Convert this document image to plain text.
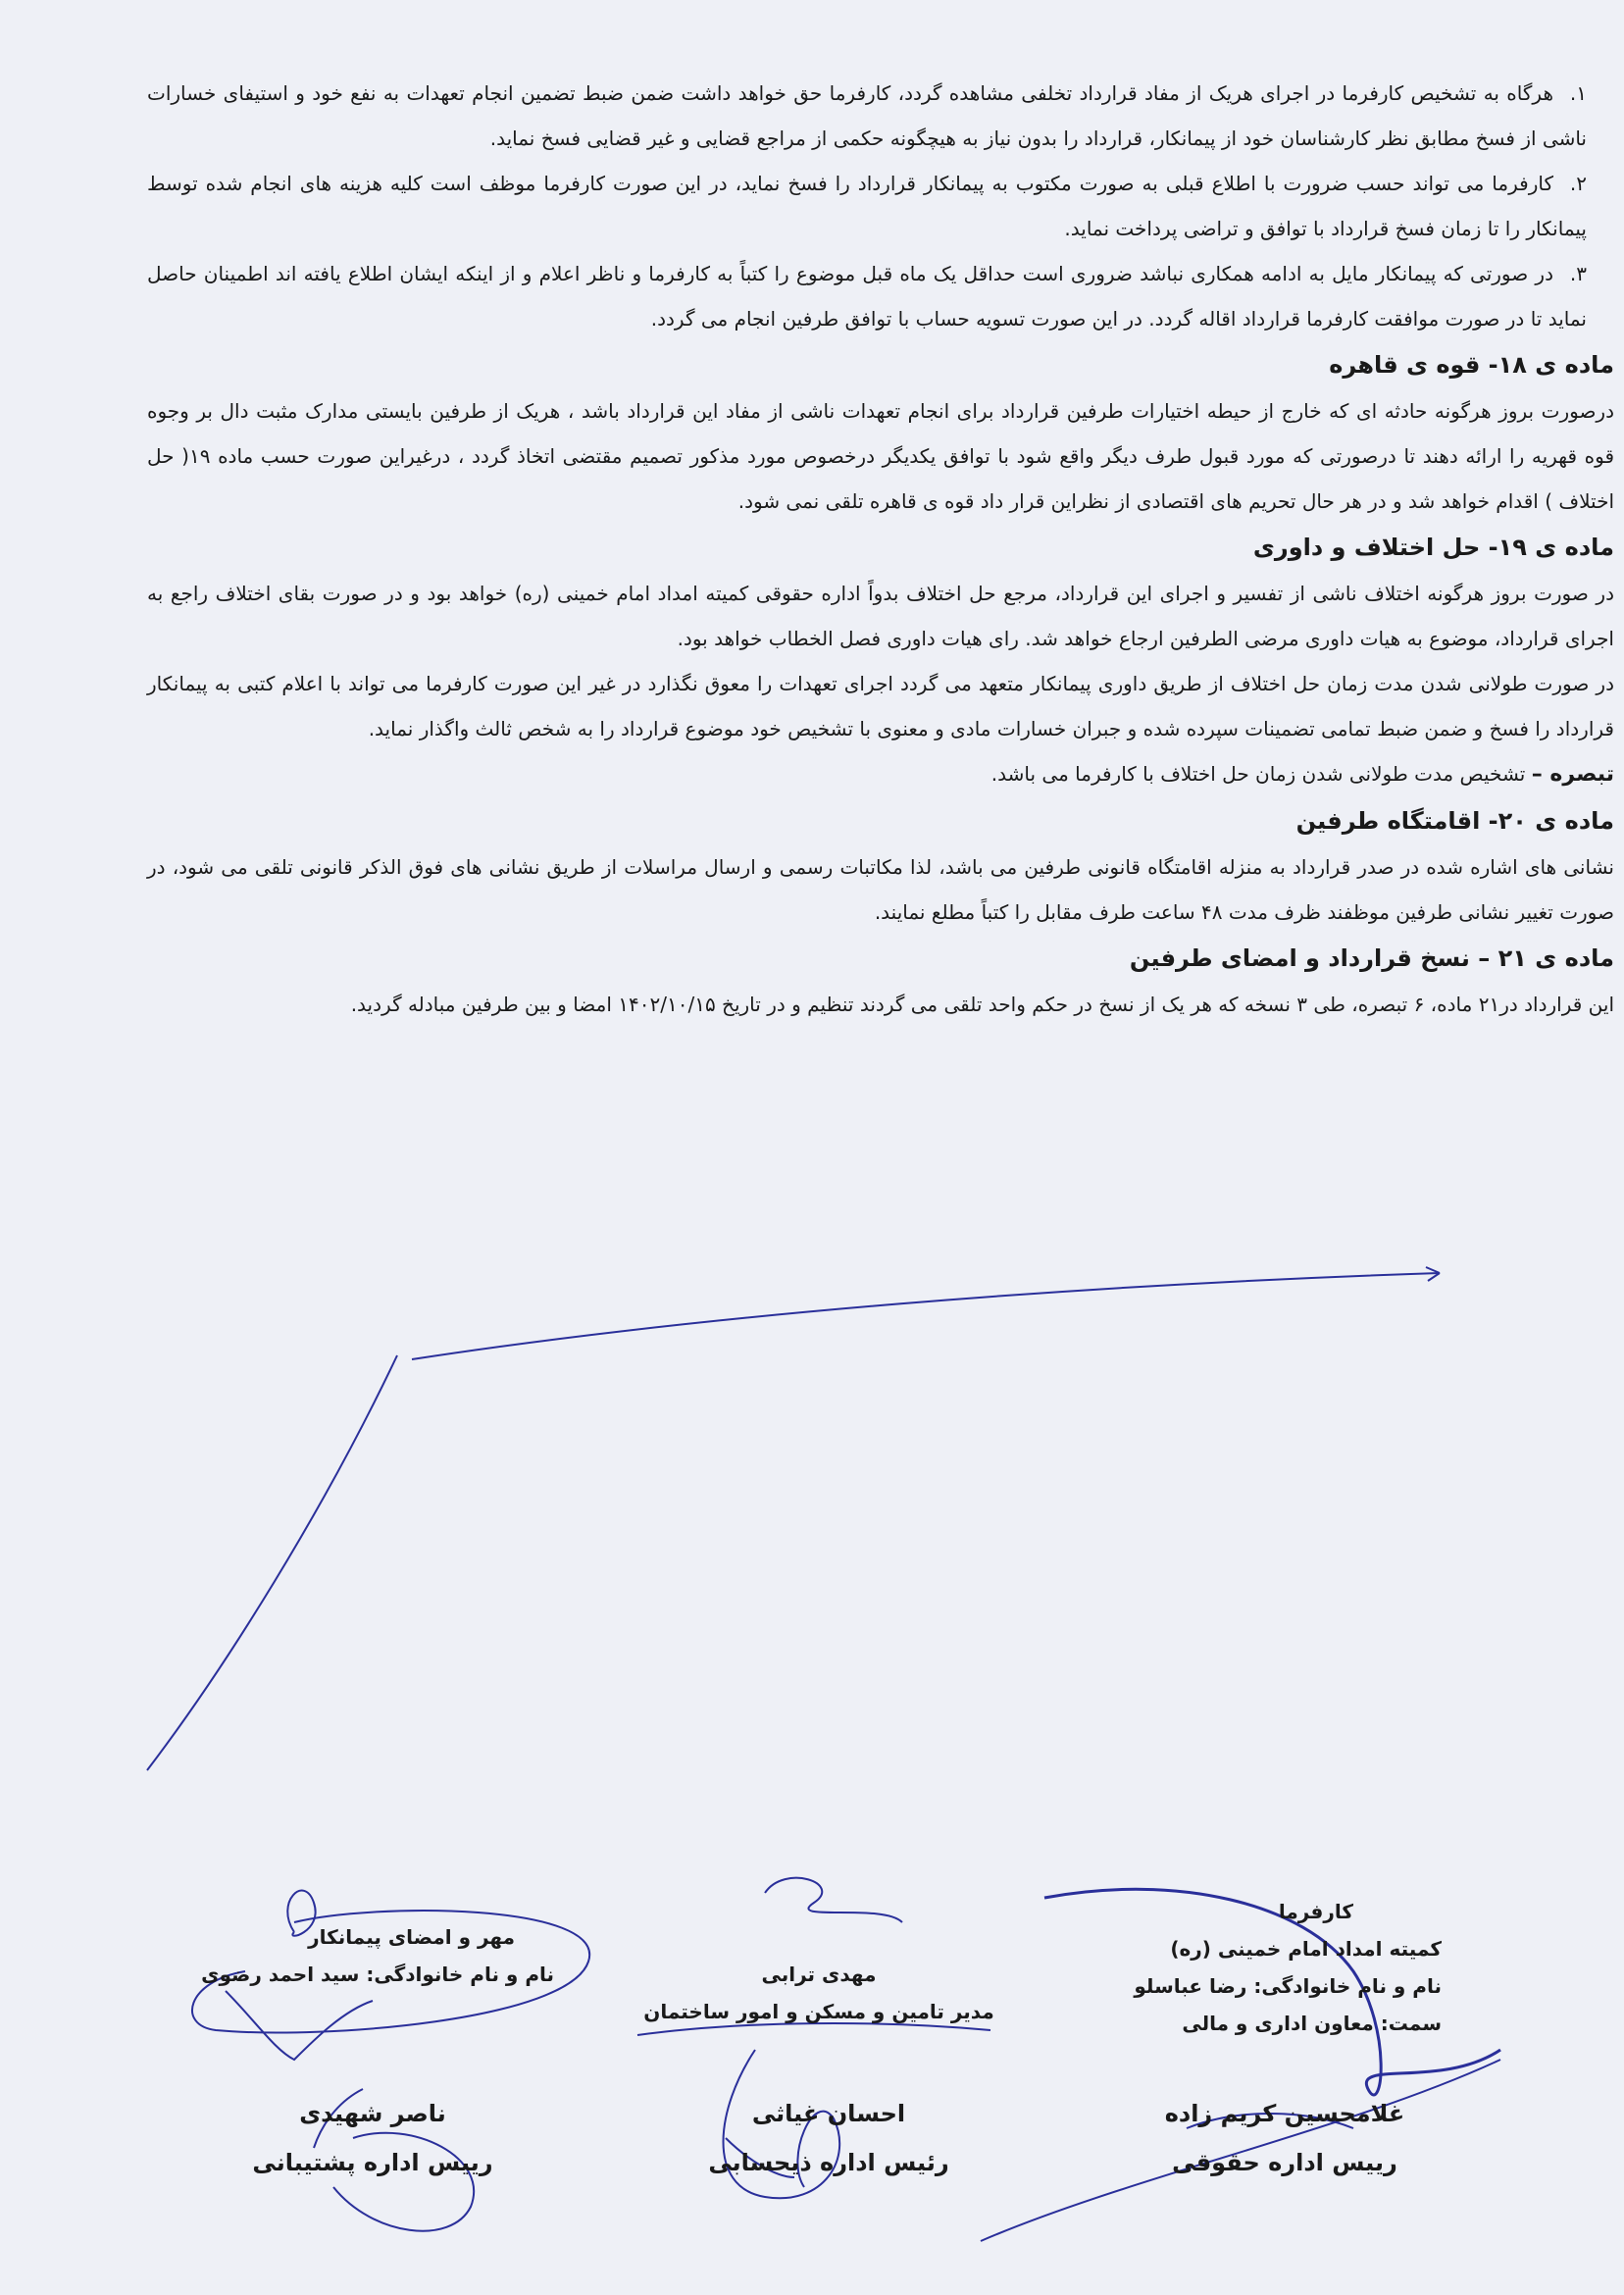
۱.هرگاه به تشخیص کارفرما در اجرای هریک از مفاد قرارداد تخلفی مشاهده گردد، کارفرما حق خواهد داشت ضمن ضبط تضمین انجام تعهدات به نفع خود و استیفای خسارات ناشی از فسخ مطابق نظر کارشناسان خود از پیمانکار، قرارداد را بدون نیاز به هیچگونه حکمی از مراجع قضایی و غیر قضایی فسخ نماید.

۲.کارفرما می تواند حسب ضرورت با اطلاع قبلی به صورت مکتوب به پیمانکار قرارداد را فسخ نماید، در این صورت کارفرما موظف است کلیه هزینه های انجام شده توسط پیمانکار را تا زمان فسخ قرارداد با توافق و تراضی پرداخت نماید.

۳.در صورتی که پیمانکار مایل به ادامه همکاری نباشد ضروری است حداقل یک ماه قبل موضوع را کتباً به کارفرما و ناظر اعلام و از اینکه ایشان اطلاع یافته اند اطمینان حاصل نماید تا در صورت موافقت کارفرما قرارداد اقاله گردد. در این صورت تسویه حساب با توافق طرفین انجام می گردد.

ماده ی ۱۸- قوه ی قاهره

درصورت بروز هرگونه حادثه ای که خارج از حیطه اختیارات طرفین قرارداد برای انجام تعهدات ناشی از مفاد این قرارداد باشد ، هریک از طرفین بایستی مدارک مثبت دال بر وجوه قوه قهریه را ارائه دهند تا درصورتی که مورد قبول طرف دیگر واقع شود با توافق یکدیگر درخصوص مورد مذکور تصمیم مقتضی اتخاذ گردد ، درغیراین صورت حسب ماده ۱۹( حل اختلاف ) اقدام خواهد شد و در هر حال تحریم های اقتصادی از نظراین قرار داد قوه ی قاهره تلقی نمی شود.

ماده ی ۱۹- حل اختلاف و داوری

در صورت بروز هرگونه اختلاف ناشی از تفسیر و اجرای این قرارداد، مرجع حل اختلاف بدواً اداره حقوقی کمیته امداد امام خمینی (ره) خواهد بود و در صورت بقای اختلاف راجع به اجرای قرارداد، موضوع به هیات داوری مرضی الطرفین ارجاع خواهد شد. رای هیات داوری فصل الخطاب خواهد بود.

در صورت طولانی شدن مدت زمان حل اختلاف از طریق داوری پیمانکار متعهد می گردد اجرای تعهدات را معوق نگذارد در غیر این صورت کارفرما می تواند با اعلام کتبی به پیمانکار قرارداد را فسخ و ضمن ضبط تمامی تضمینات سپرده شده و جبران خسارات مادی و معنوی با تشخیص خود موضوع قرارداد را به شخص ثالث واگذار نماید.

تبصره – تشخیص مدت طولانی شدن زمان حل اختلاف با کارفرما می باشد.

ماده ی ۲۰- اقامتگاه طرفین

نشانی های اشاره شده در صدر قرارداد به منزله اقامتگاه قانونی طرفین می باشد، لذا مکاتبات رسمی و ارسال مراسلات از طریق نشانی های فوق الذکر قانونی تلقی می شود، در صورت تغییر نشانی طرفین موظفند ظرف مدت ۴۸ ساعت طرف مقابل را کتباً مطلع نمایند.

ماده ی ۲۱ – نسخ قرارداد و امضای طرفین

این قرارداد در۲۱ ماده، ۶ تبصره، طی ۳ نسخه که هر یک از نسخ در حکم واحد تلقی می گردند تنظیم و در تاریخ ۱۴۰۲/۱۰/۱۵ امضا و بین طرفین مبادله گردید.

کارفرما
کمیته امداد امام خمینی (ره)
نام و نام خانوادگی: رضا عباسلو
سمت: معاون اداری و مالی
مهدی ترابی
مدیر تامین و مسکن و امور ساختمان
مهر و امضای پیمانکار
نام و نام خانوادگی: سید احمد رضوی
غلامحسین کریم زاده
رییس اداره حقوقی
احسان غیاثی
رئیس اداره ذیحسابی
ناصر شهیدی
رییس اداره پشتیبانی
